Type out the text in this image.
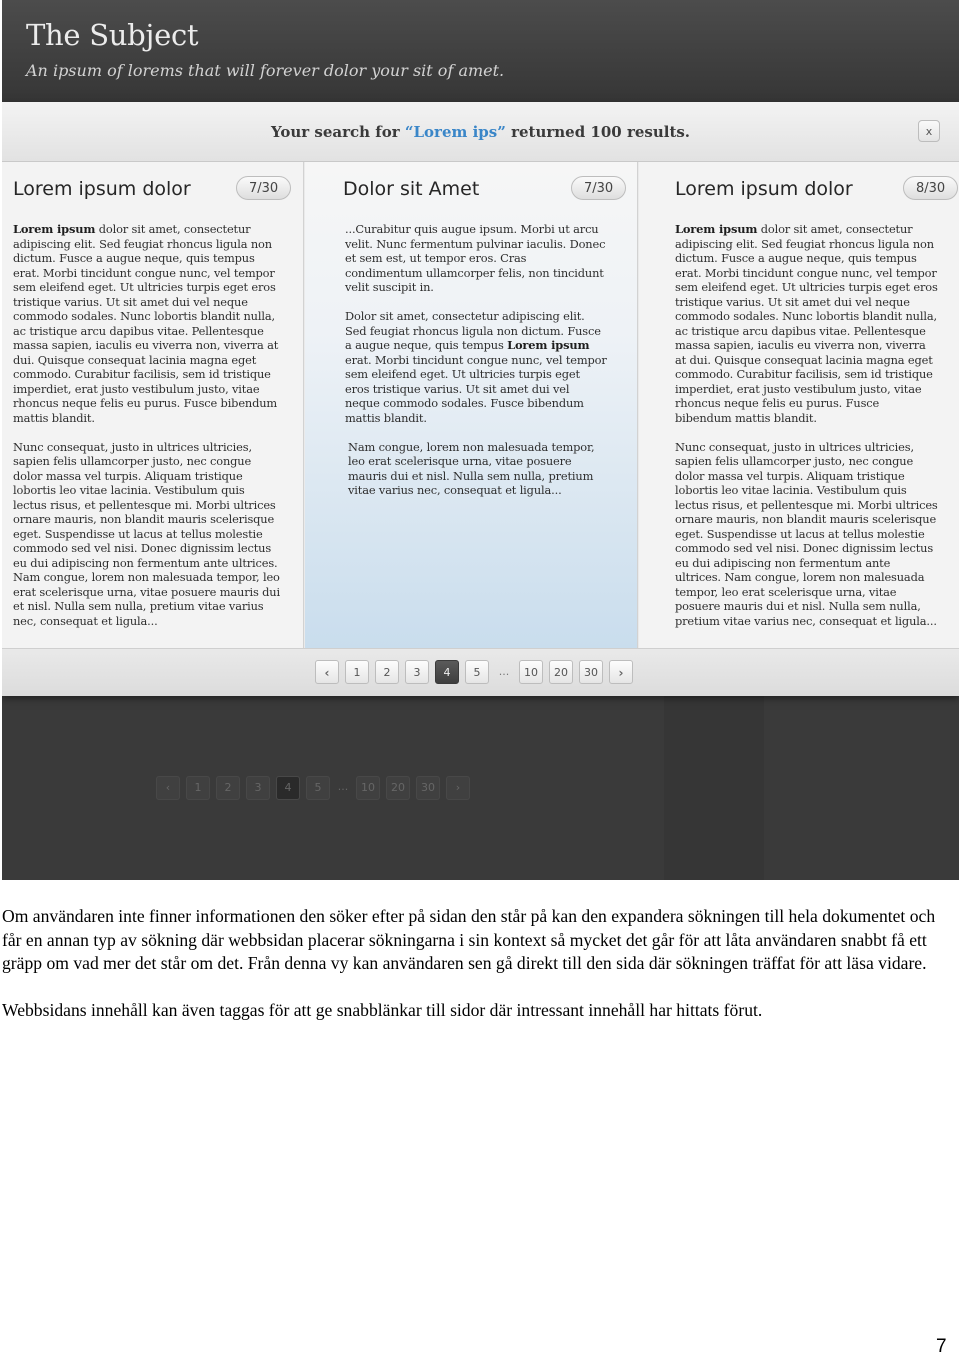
The Subject
An ipsum of lorems that will forever dolor your sit of amet.
‹	1	2	3	4	5	...	10	20	30	›
Your search for “Lorem ips” returned 100 results.	x
Lorem ipsum dolor	7/30

Lorem ipsum dolor sit amet, consectetur adipiscing elit. Sed feugiat rhoncus ligula non dictum. Fusce a augue neque, quis tempus erat. Morbi tincidunt congue nunc, vel tempor sem eleifend eget. Ut ultricies turpis eget eros tristique varius. Ut sit amet dui vel neque commodo sodales. Nunc lobortis blandit nulla, ac tristique arcu dapibus vitae. Pellentesque massa sapien, iaculis eu viverra non, viverra at dui. Quisque consequat lacinia magna eget commodo. Curabitur facilisis, sem id tristique imperdiet, erat justo vestibulum justo, vitae rhoncus neque felis eu purus. Fusce bibendum mattis blandit.

Nunc consequat, justo in ultrices ultricies, sapien felis ullamcorper justo, nec congue dolor massa vel turpis. Aliquam tristique lobortis leo vitae lacinia. Vestibulum quis lectus risus, et pellentesque mi. Morbi ultrices ornare mauris, non blandit mauris scelerisque eget. Suspendisse ut lacus at tellus molestie commodo sed vel nisi. Donec dignissim lectus eu dui adipiscing non fermentum ante ultrices. Nam congue, lorem non malesuada tempor, leo erat scelerisque urna, vitae posuere mauris dui et nisl. Nulla sem nulla, pretium vitae varius nec, consequat et ligula...

Dolor sit Amet	7/30

...Curabitur quis augue ipsum. Morbi ut arcu velit. Nunc fermentum pulvinar iaculis. Donec et sem est, ut tempor eros. Cras condimentum ullamcorper felis, non tincidunt velit suscipit in.

Dolor sit amet, consectetur adipiscing elit. Sed feugiat rhoncus ligula non dictum. Fusce a augue neque, quis tempus Lorem ipsum erat. Morbi tincidunt congue nunc, vel tempor sem eleifend eget. Ut ultricies turpis eget eros tristique varius. Ut sit amet dui vel neque commodo sodales. Fusce bibendum mattis blandit.

Nam congue, lorem non malesuada tempor, leo erat scelerisque urna, vitae posuere mauris dui et nisl. Nulla sem nulla, pretium vitae varius nec, consequat et ligula...

Lorem ipsum dolor	8/30

Lorem ipsum dolor sit amet, consectetur adipiscing elit. Sed feugiat rhoncus ligula non dictum. Fusce a augue neque, quis tempus erat. Morbi tincidunt congue nunc, vel tempor sem eleifend eget. Ut ultricies turpis eget eros tristique varius. Ut sit amet dui vel neque commodo sodales. Nunc lobortis blandit nulla, ac tristique arcu dapibus vitae. Pellentesque massa sapien, iaculis eu viverra non, viverra at dui. Quisque consequat lacinia magna eget commodo. Curabitur facilisis, sem id tristique imperdiet, erat justo vestibulum justo, vitae rhoncus neque felis eu purus. Fusce bibendum mattis blandit.

Nunc consequat, justo in ultrices ultricies, sapien felis ullamcorper justo, nec congue dolor massa vel turpis. Aliquam tristique lobortis leo vitae lacinia. Vestibulum quis lectus risus, et pellentesque mi. Morbi ultrices ornare mauris, non blandit mauris scelerisque eget. Suspendisse ut lacus at tellus molestie commodo sed vel nisi. Donec dignissim lectus eu dui adipiscing non fermentum ante ultrices. Nam congue, lorem non malesuada tempor, leo erat scelerisque urna, vitae posuere mauris dui et nisl. Nulla sem nulla, pretium vitae varius nec, consequat et ligula...

‹	1	2	3	4	5	...	10	20	30	›

Om användaren inte finner informationen den söker efter på sidan den står på kan den expandera sökningen till hela dokumentet och får en annan typ av sökning där webbsidan placerar sökningarna i sin kontext så mycket det går för att låta användaren snabbt få ett gräpp om vad mer det står om det. Från denna vy kan användaren sen gå direkt till den sida där sökningen träffat för att läsa vidare.

Webbsidans innehåll kan även taggas för att ge snabblänkar till sidor där intressant innehåll har hittats förut.

7
